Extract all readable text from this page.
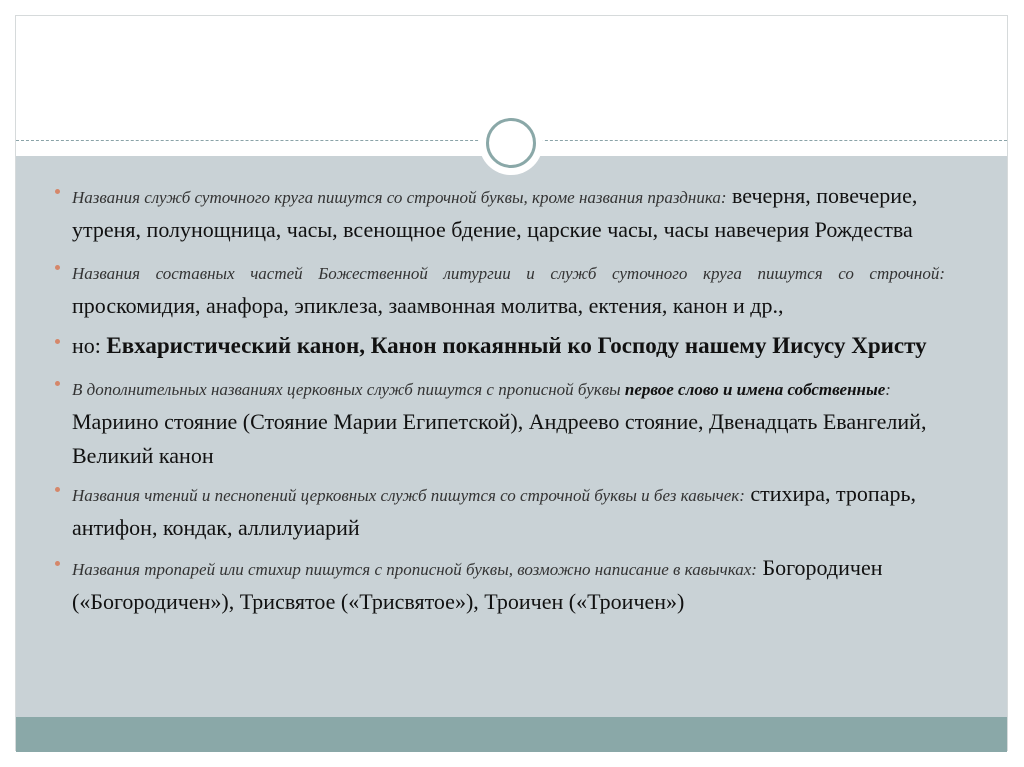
Названия служб суточного круга пишутся со строчной буквы, кроме названия праздника: вечерня, повечерие, утреня, полунощница, часы, всенощное бдение, царские часы, часы навечерия Рождества
Названия составных частей Божественной литургии и служб суточного круга пишутся со строчной: проскомидия, анафора, эпиклеза, заамвонная молитва, ектения, канон и др.,
но: Евхаристический канон, Канон покаянный ко Господу нашему Иисусу Христу
В дополнительных названиях церковных служб пишутся с прописной буквы первое слово и имена собственные: Мариино стояние (Стояние Марии Египетской), Андреево стояние, Двенадцать Евангелий, Великий канон
Названия чтений и песнопений церковных служб пишутся со строчной буквы и без кавычек: стихира, тропарь, антифон, кондак, аллилуиарий
Названия тропарей или стихир пишутся с прописной буквы, возможно написание в кавычках: Богородичен («Богородичен»), Трисвятое («Трисвятое»), Троичен («Троичен»)
